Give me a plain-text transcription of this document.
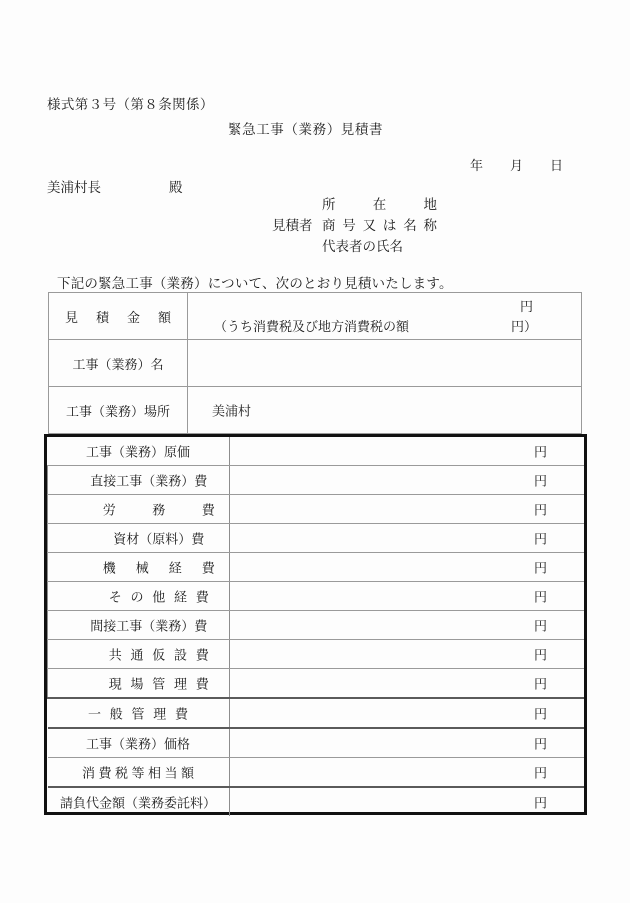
様式第３号（第８条関係）
緊急工事（業務）見積書
年 月 日
美浦村長	殿
所在地
見積者 商号又は名称
代表者の氏名
下記の緊急工事（業務）について、次のとおり見積いたします。
見積金額	円
（うち消費税及び地方消費税の額 円）

工事（業務）名	

工事（業務）場所	美浦村
工事（業務）原価	円

直接工事（業務）費	円

労務費	円

資材（原料）費	円

機械経費	円

その他経費	円

間接工事（業務）費	円

共通仮設費	円

現場管理費	円

一般管理費	円

工事（業務）価格	円

消費税等相当額	円

請負代金額（業務委託料）	円
